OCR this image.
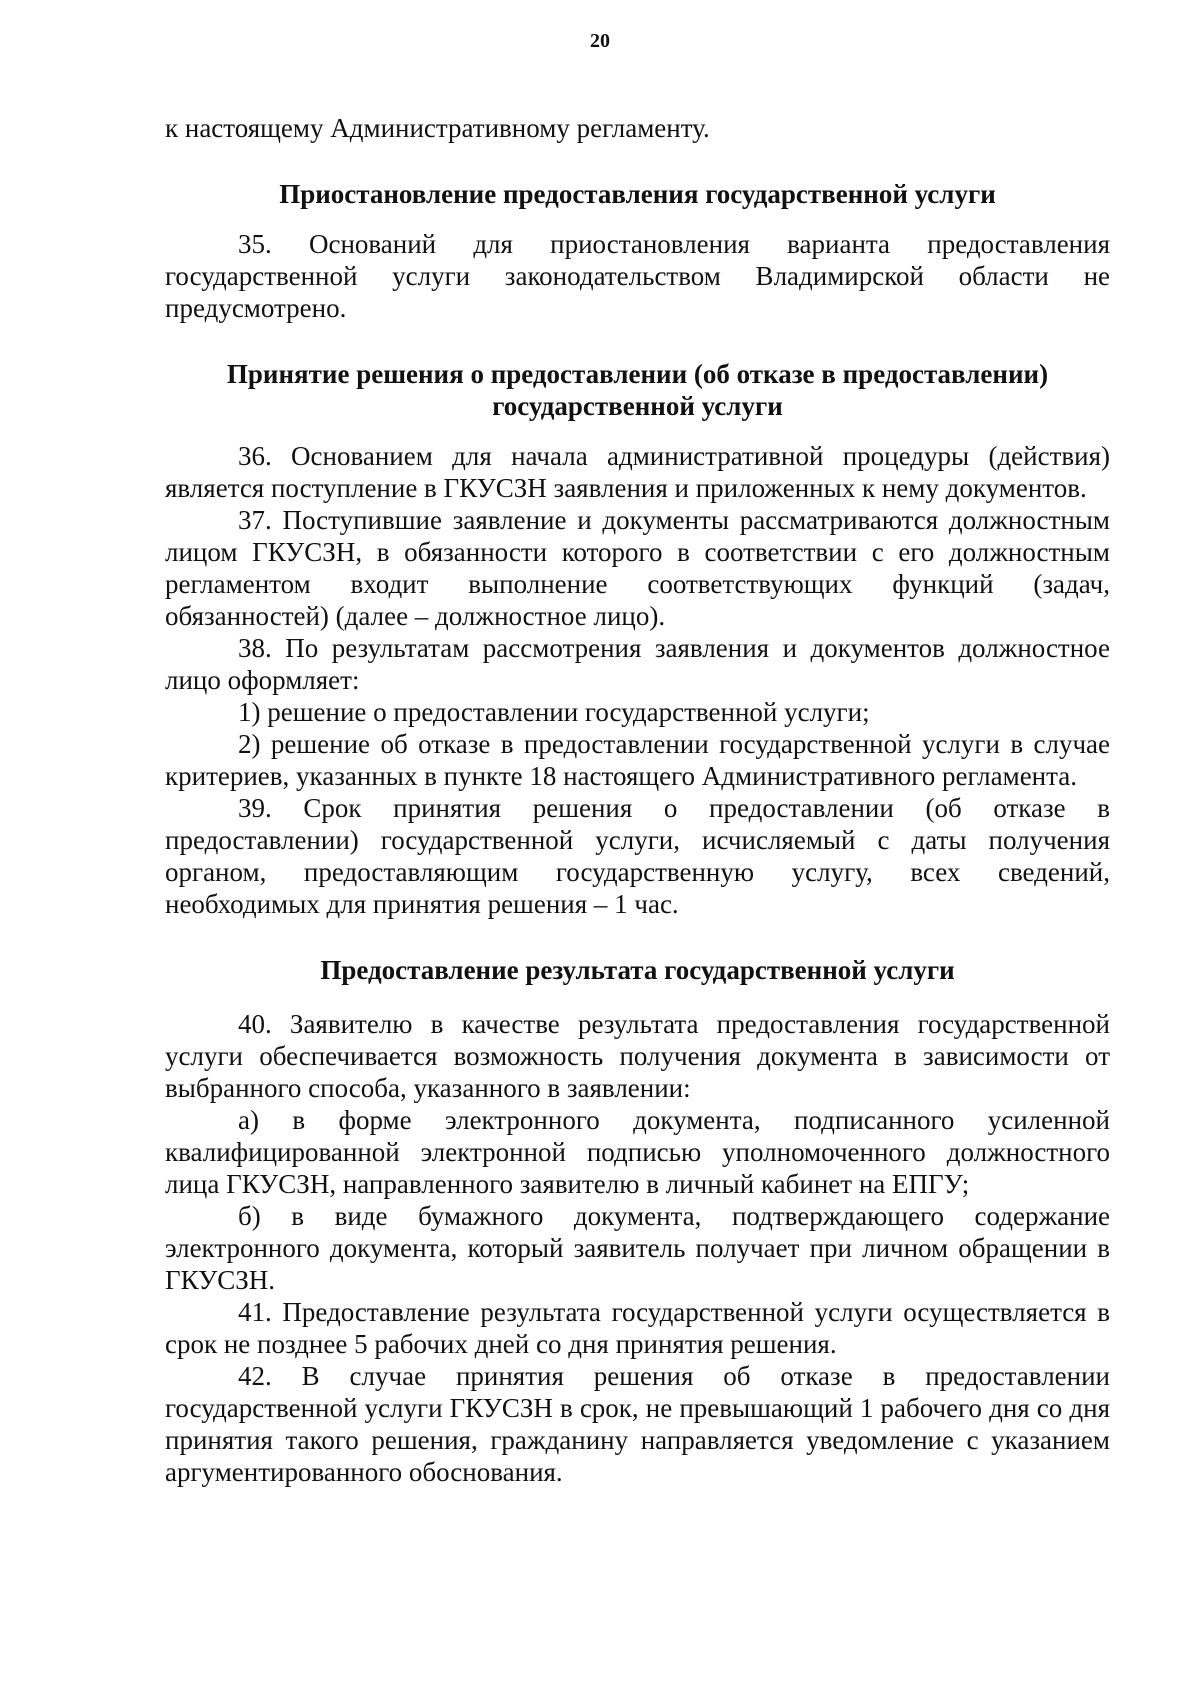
20

к настоящему Административному регламенту.

Приостановление предоставления государственной услуги

35. Оснований для приостановления варианта предоставления государственной услуги законодательством Владимирской области не предусмотрено.

Принятие решения о предоставлении (об отказе в предоставлении)

государственной услуги

36. Основанием для начала административной процедуры (действия) является поступление в ГКУСЗН заявления и приложенных к нему документов.

37. Поступившие заявление и документы рассматриваются должностным лицом ГКУСЗН, в обязанности которого в соответствии с его должностным регламентом входит выполнение соответствующих функций (задач, обязанностей) (далее – должностное лицо).

38. По результатам рассмотрения заявления и документов должностное лицо оформляет:

1) решение о предоставлении государственной услуги;

2) решение об отказе в предоставлении государственной услуги в случае критериев, указанных в пункте 18 настоящего Административного регламента.

39. Срок принятия решения о предоставлении (об отказе в предоставлении) государственной услуги, исчисляемый с даты получения органом, предоставляющим государственную услугу, всех сведений, необходимых для принятия решения – 1 час.

Предоставление результата государственной услуги

40. Заявителю в качестве результата предоставления государственной услуги обеспечивается возможность получения документа в зависимости от выбранного способа, указанного в заявлении:

а) в форме электронного документа, подписанного усиленной квалифицированной электронной подписью уполномоченного должностного лица ГКУСЗН, направленного заявителю в личный кабинет на ЕПГУ;

б) в виде бумажного документа, подтверждающего содержание электронного документа, который заявитель получает при личном обращении в ГКУСЗН.

41. Предоставление результата государственной услуги осуществляется в срок не позднее 5 рабочих дней со дня принятия решения.

42. В случае принятия решения об отказе в предоставлении государственной услуги ГКУСЗН в срок, не превышающий 1 рабочего дня со дня принятия такого решения, гражданину направляется уведомление с указанием аргументированного обоснования.
